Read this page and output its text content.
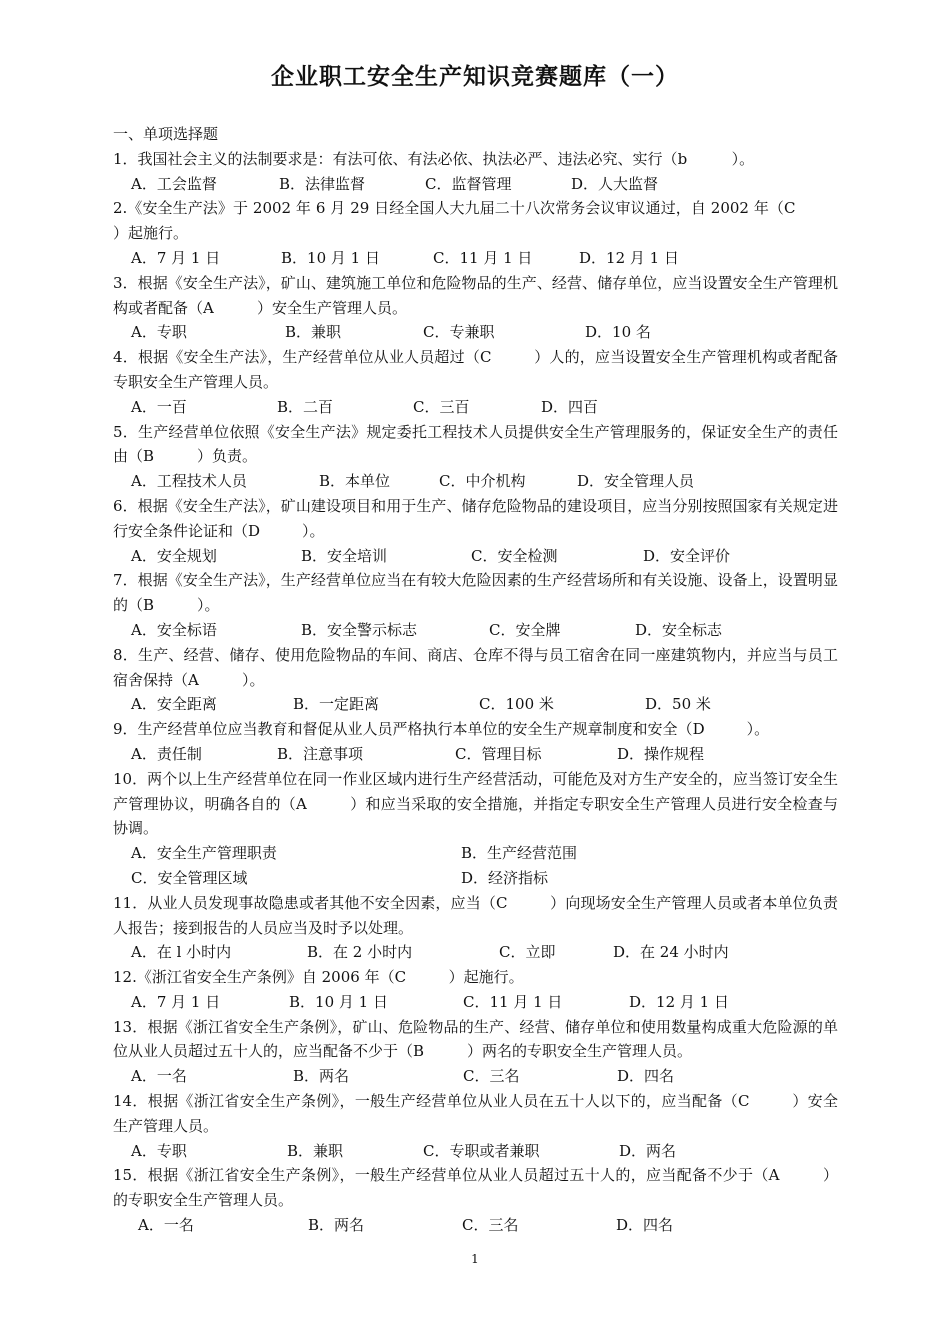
企业职工安全生产知识竞赛题库（一）
一、单项选择题
1．我国社会主义的法制要求是：有法可依、有法必依、执法必严、违法必究、实行（b	）。
A．工会监督	B．法律监督	C．监督管理	D．人大监督
2.《安全生产法》于 2002 年 6 月 29 日经全国人大九届二十八次常务会议审议通过，自 2002 年（C）起施行。
A．7 月 1 日	B．10 月 1 日	C．11 月 1 日	D．12 月 1 日
3．根据《安全生产法》，矿山、建筑施工单位和危险物品的生产、经营、储存单位，应当设置安全生产管理机构或者配备（A	）安全生产管理人员。
A．专职	B．兼职	C．专兼职	D．10 名
4．根据《安全生产法》，生产经营单位从业人员超过（C	）人的，应当设置安全生产管理机构或者配备专职安全生产管理人员。
A．一百	B．二百	C．三百	D．四百
5．生产经营单位依照《安全生产法》规定委托工程技术人员提供安全生产管理服务的，保证安全生产的责任由（B	）负责。
A．工程技术人员	B．本单位	C．中介机构	D．安全管理人员
6．根据《安全生产法》，矿山建设项目和用于生产、储存危险物品的建设项目，应当分别按照国家有关规定进行安全条件论证和（D	）。
A．安全规划	B．安全培训	C．安全检测	D．安全评价
7．根据《安全生产法》，生产经营单位应当在有较大危险因素的生产经营场所和有关设施、设备上，设置明显的（B	）。
A．安全标语	B．安全警示标志	C．安全牌	D．安全标志
8．生产、经营、储存、使用危险物品的车间、商店、仓库不得与员工宿舍在同一座建筑物内，并应当与员工宿舍保持（A	）。
A．安全距离	B．一定距离	C．100 米	D．50 米
9．生产经营单位应当教育和督促从业人员严格执行本单位的安全生产规章制度和安全（D	）。
A．责任制	B．注意事项	C．管理目标	D．操作规程
10．两个以上生产经营单位在同一作业区域内进行生产经营活动，可能危及对方生产安全的，应当签订安全生产管理协议，明确各自的（A	）和应当采取的安全措施，并指定专职安全生产管理人员进行安全检查与协调。
A．安全生产管理职责	B．生产经营范围
C．安全管理区域	D．经济指标
11．从业人员发现事故隐患或者其他不安全因素，应当（C	）向现场安全生产管理人员或者本单位负责人报告；接到报告的人员应当及时予以处理。
A．在 l 小时内	B．在 2 小时内	C．立即	D．在 24 小时内
12.《浙江省安全生产条例》自 2006 年（C	）起施行。
A．7 月 1 日	B．10 月 1 日	C．11 月 1 日	D．12 月 1 日
13．根据《浙江省安全生产条例》，矿山、危险物品的生产、经营、储存单位和使用数量构成重大危险源的单位从业人员超过五十人的，应当配备不少于（B	）两名的专职安全生产管理人员。
A．一名	B．两名	C．三名	D．四名
14．根据《浙江省安全生产条例》，一般生产经营单位从业人员在五十人以下的，应当配备（C	）安全生产管理人员。
A．专职	B．兼职	C．专职或者兼职	D．两名
15．根据《浙江省安全生产条例》，一般生产经营单位从业人员超过五十人的，应当配备不少于（A	）的专职安全生产管理人员。
A．一名	B．两名	C．三名	D．四名
1
